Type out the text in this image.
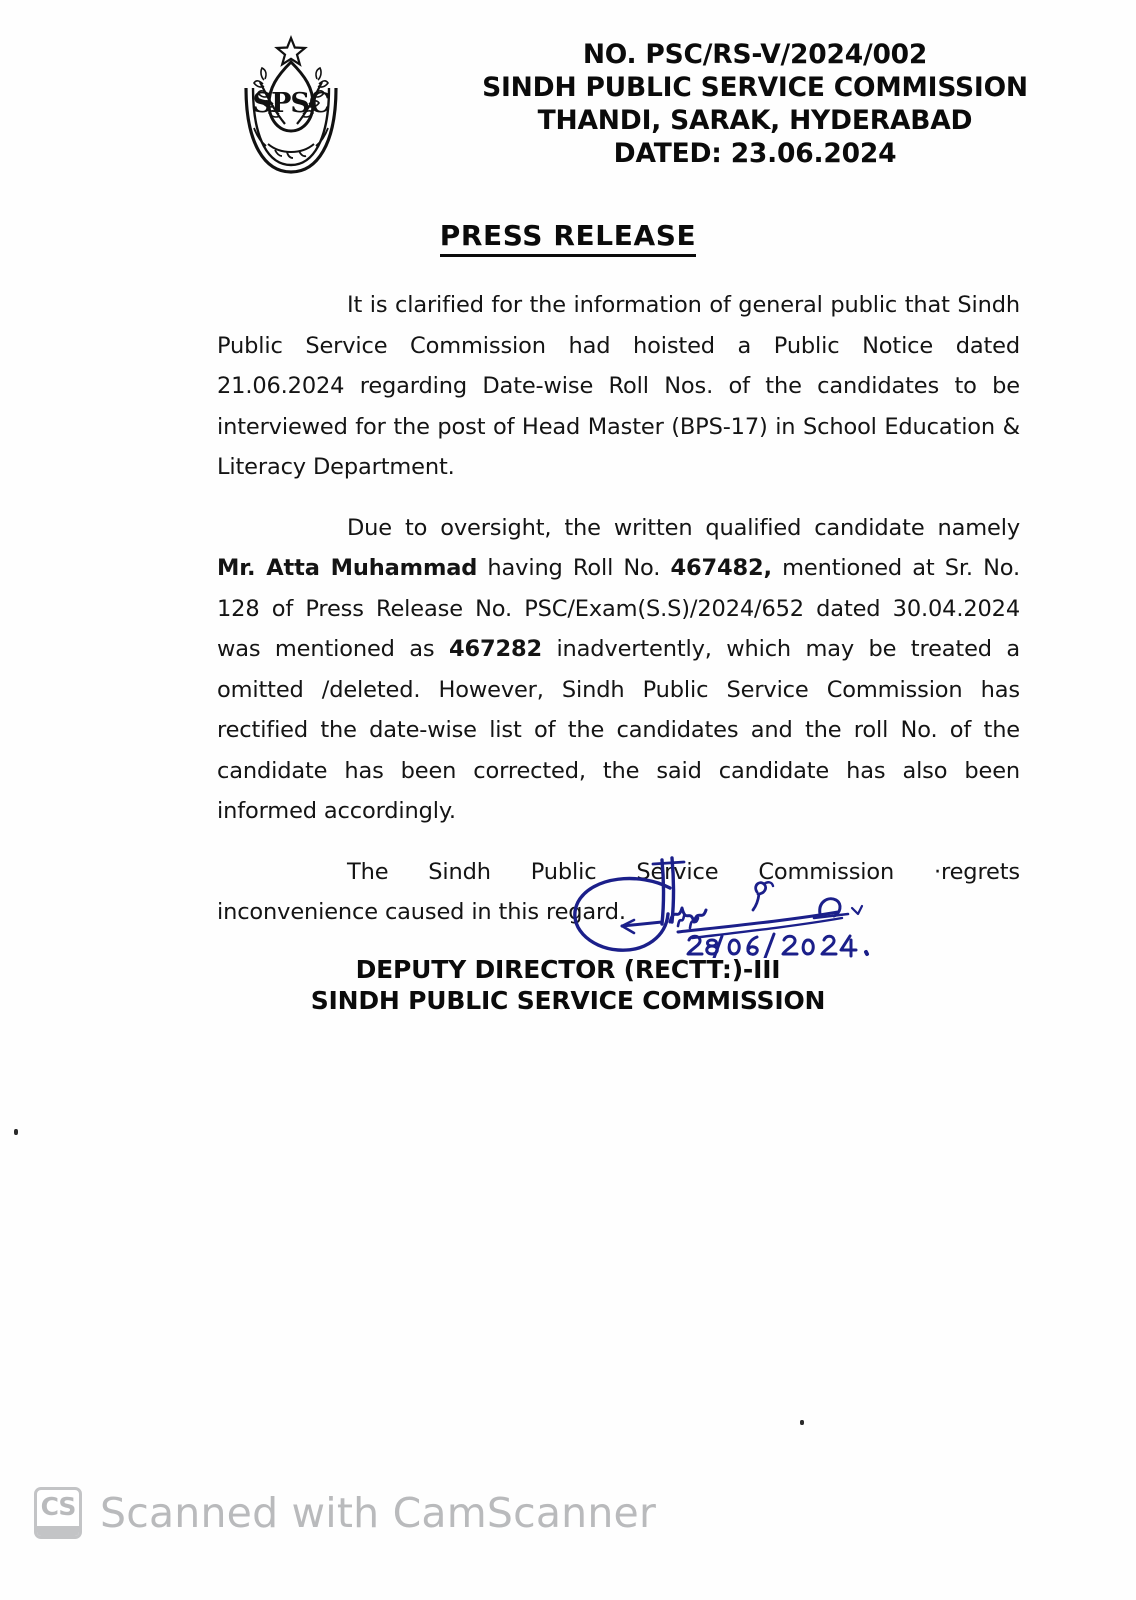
SPSC
NO. PSC/RS-V/2024/002
SINDH PUBLIC SERVICE COMMISSION
THANDI, SARAK, HYDERABAD
DATED: 23.06.2024
PRESS RELEASE

It is clarified for the information of general public that Sindh Public Service Commission had hoisted a Public Notice dated 21.06.2024 regarding Date-wise Roll Nos. of the candidates to be interviewed for the post of Head Master (BPS-17) in School Education & Literacy Department.

Due to oversight, the written qualified candidate namely Mr. Atta Muhammad having Roll No. 467482, mentioned at Sr. No. 128 of Press Release No. PSC/Exam(S.S)/2024/652 dated 30.04.2024 was mentioned as 467282 inadvertently, which may be treated a omitted /deleted. However, Sindh Public Service Commission has rectified the date-wise list of the candidates and the roll No. of the candidate has been corrected, the said candidate has also been informed accordingly.

The Sindh Public Service Commission ·regrets inconvenience caused in this regard.

DEPUTY DIRECTOR (RECTT:)-III
SINDH PUBLIC SERVICE COMMISSION
CS Scanned with CamScanner
